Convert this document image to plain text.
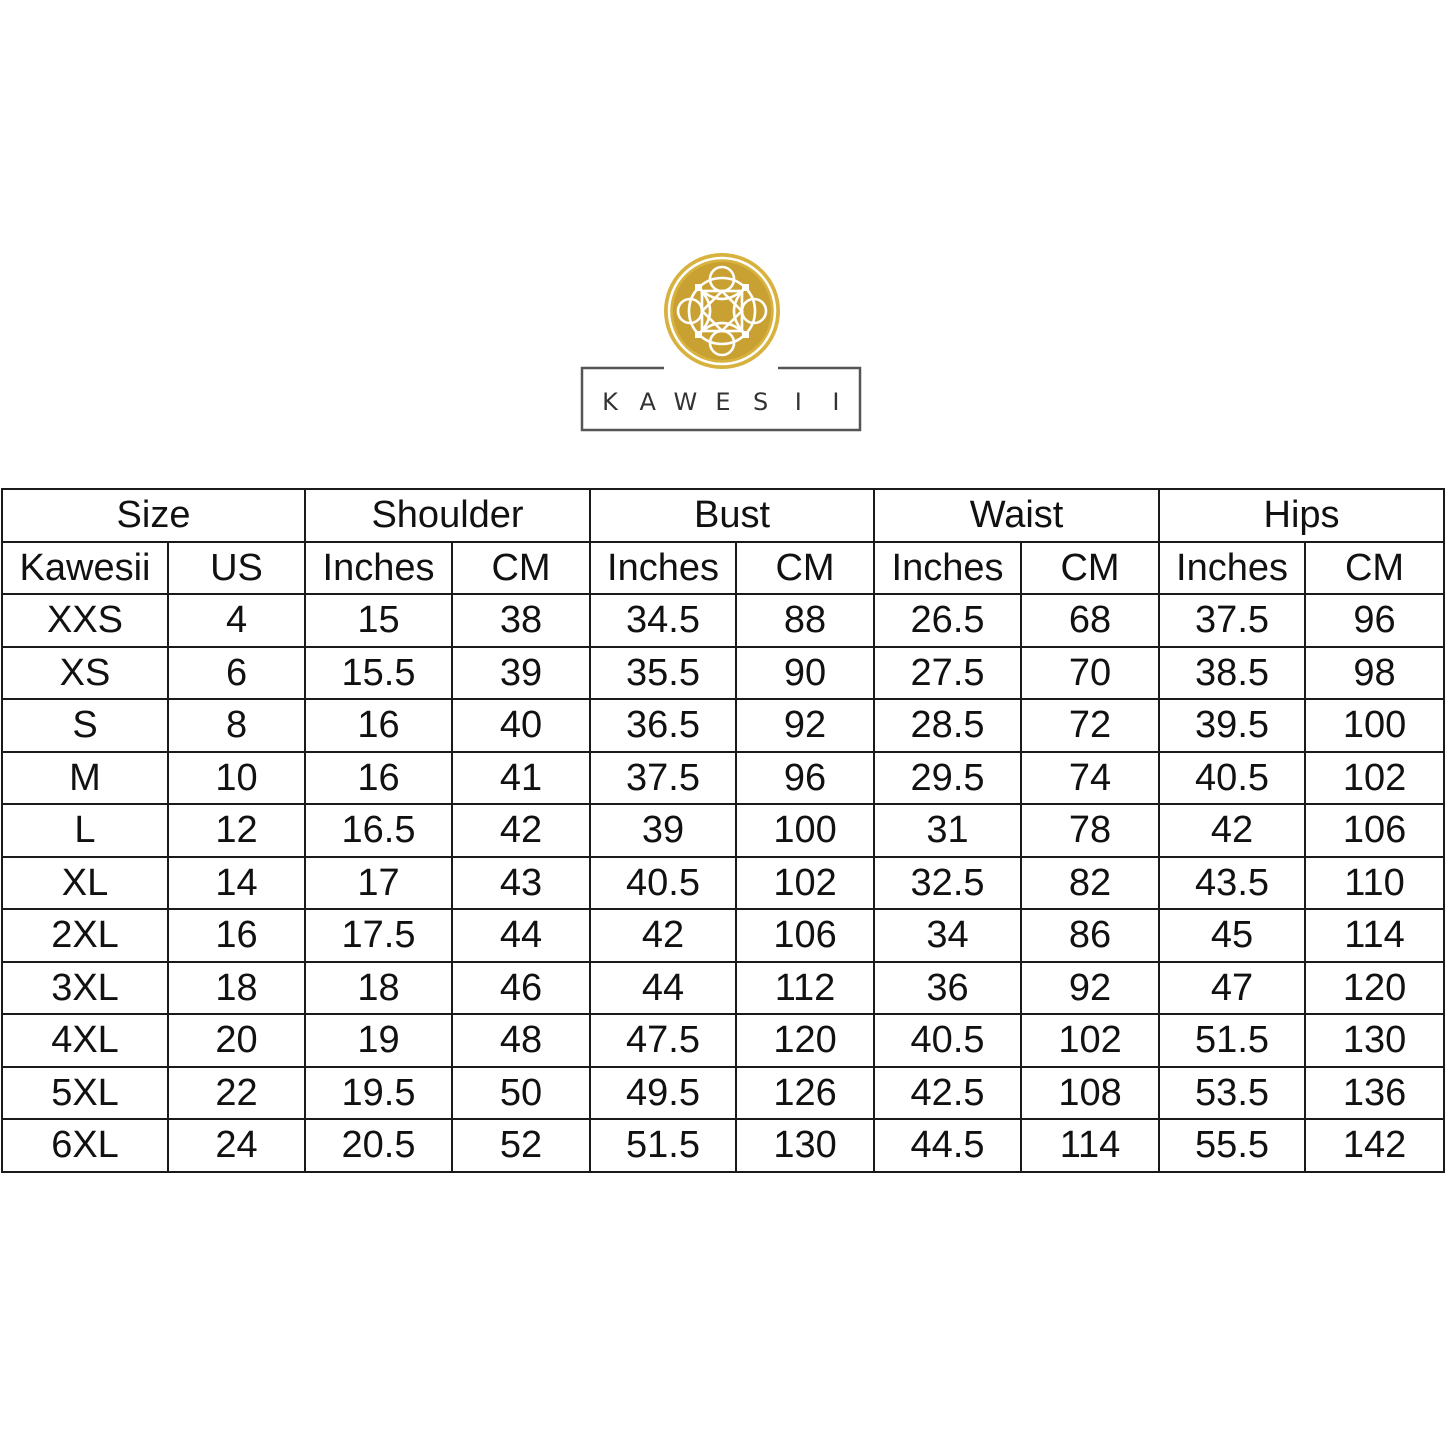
K A W E S	I	I
Size		Shoulder		Bust		Waist		Hips	
Kawesii	US	Inches	CM	Inches	CM	Inches	CM	Inches	CM
XXS	4	15	38	34.5	88	26.5	68	37.5	96
XS	6	15.5	39	35.5	90	27.5	70	38.5	98
S	8	16	40	36.5	92	28.5	72	39.5	100
M	10	16	41	37.5	96	29.5	74	40.5	102
L	12	16.5	42	39	100	31	78	42	106
XL	14	17	43	40.5	102	32.5	82	43.5	110
2XL	16	17.5	44	42	106	34	86	45	114
3XL	18	18	46	44	112	36	92	47	120
4XL	20	19	48	47.5	120	40.5	102	51.5	130
5XL	22	19.5	50	49.5	126	42.5	108	53.5	136
6XL	24	20.5	52	51.5	130	44.5	114	55.5	142
